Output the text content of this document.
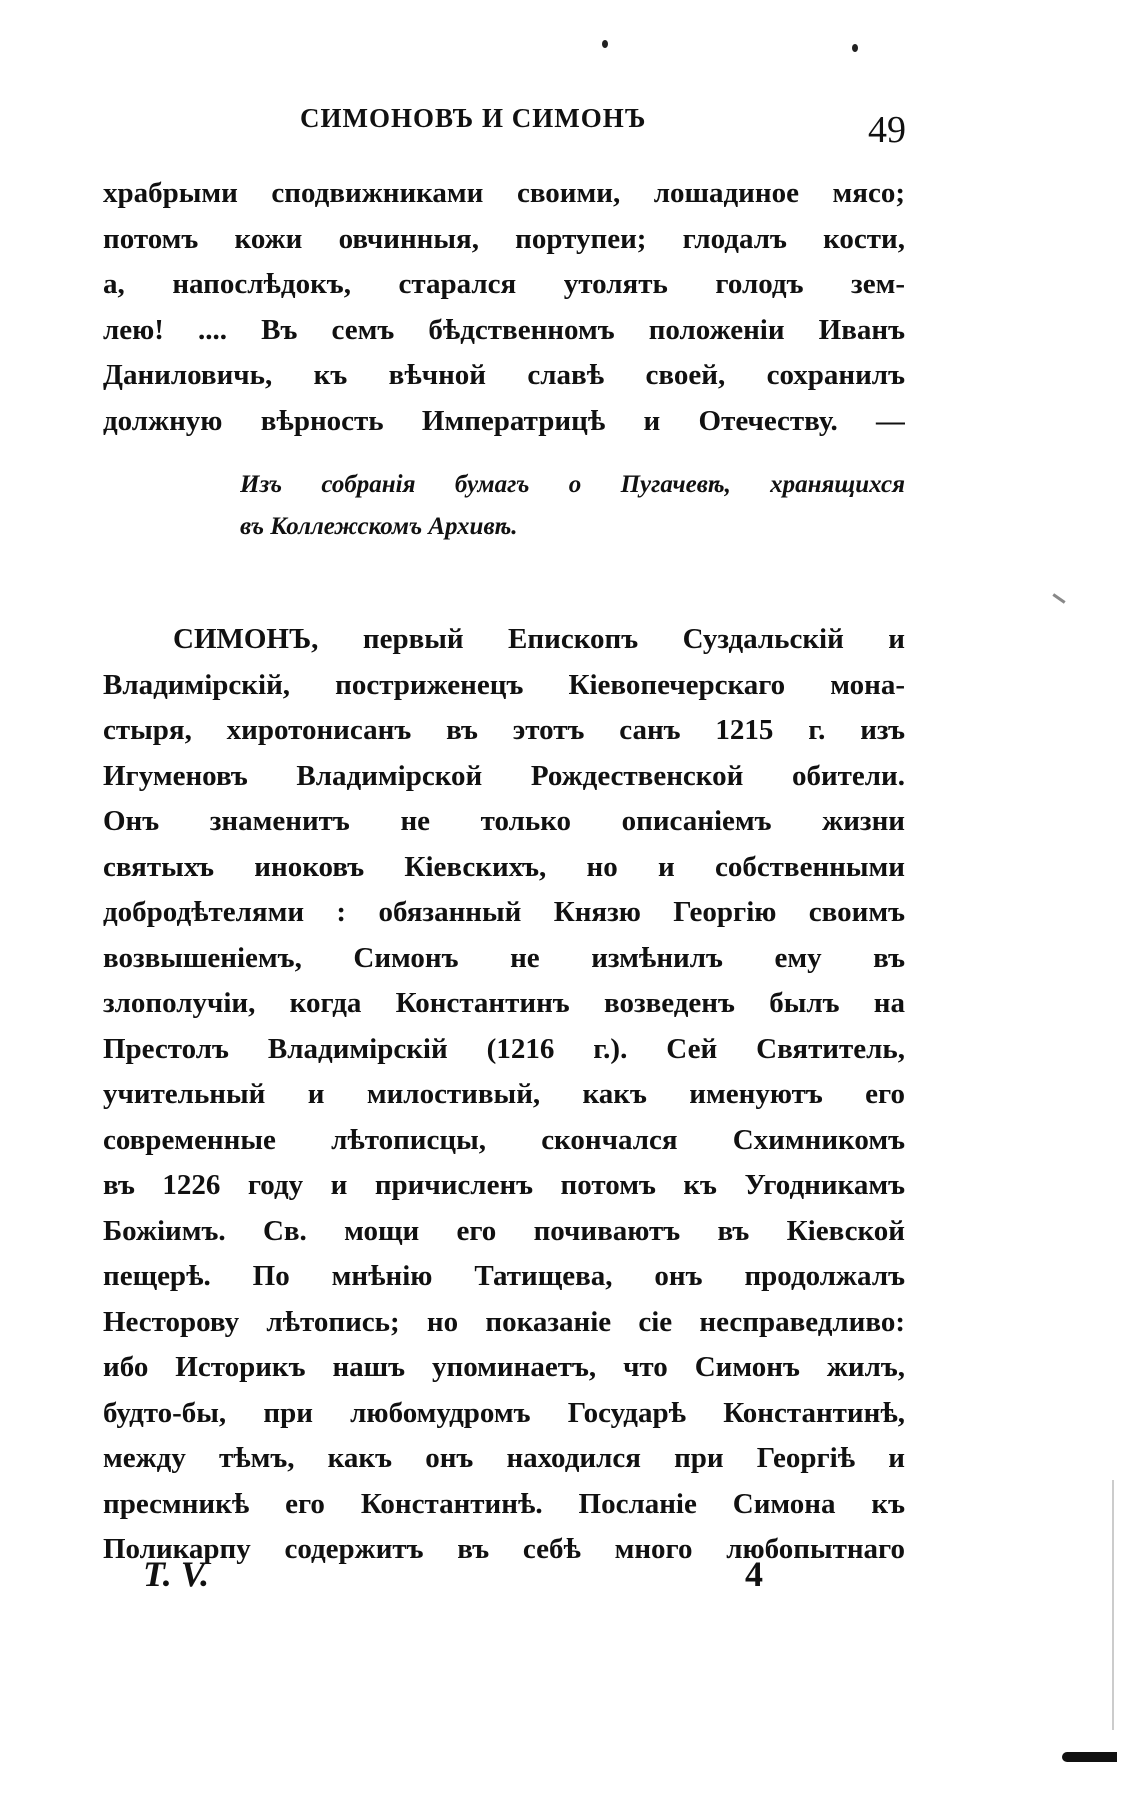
СИМОНОВЪ И СИМОНЪ	49
храбрыми сподвижниками своими, лошадиное мясо;
потомъ кожи овчинныя, портупеи; глодалъ кости,
а, напослѣдокъ, старался утолять голодъ зем-
лею! .... Въ семъ бѣдственномъ положеніи Иванъ
Даниловичь, къ вѣчной славѣ своей, сохранилъ
должную вѣрность Императрицѣ и Отечеству. —
Изъ собранія бумагъ о Пугачевѣ, хранящихся
въ Коллежскомъ Архивѣ.
СИМОНЪ, первый Епископъ Суздальскій и
Владимірскій, постриженецъ Кіевопечерскаго мона-
стыря, хиротонисанъ въ этотъ санъ 1215 г. изъ
Игуменовъ Владимірской Рождественской обители.
Онъ знаменитъ не только описаніемъ жизни
святыхъ иноковъ Кіевскихъ, но и собственными
добродѣтелями : обязанный Князю Георгію своимъ
возвышеніемъ, Симонъ не измѣнилъ ему въ
злополучіи, когда Константинъ возведенъ былъ на
Престолъ Владимірскій (1216 г.). Сей Святитель,
учительный и милостивый, какъ именуютъ его
современные лѣтописцы, скончался Схимникомъ
въ 1226 году и причисленъ потомъ къ Угодникамъ
Божіимъ. Св. мощи его почиваютъ въ Кіевской
пещерѣ. По мнѣнію Татищева, онъ продолжалъ
Несторову лѣтопись; но показаніе сіе несправедливо:
ибо Историкъ нашъ упоминаетъ, что Симонъ жилъ,
будто-бы, при любомудромъ Государѣ Константинѣ,
между тѣмъ, какъ онъ находился при Георгіѣ и
пресмникѣ его Константинѣ. Посланіе Симона къ
Поликарпу содержитъ въ себѣ много любопытнаго
Т. V.	4
